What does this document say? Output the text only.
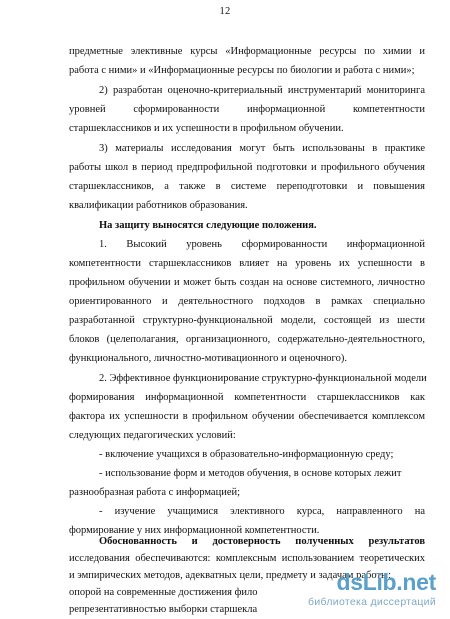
12
предметные элективные курсы «Информационные ресурсы по химии и
работа с ними» и «Информационные ресурсы по биологии и работа с ними»;
2) разработан оценочно-критериальный инструментарий мониторинга
уровней сформированности информационной компетентности
старшеклассников и их успешности в профильном обучении.
3) материалы исследования могут быть использованы в практике
работы школ в период предпрофильной подготовки и профильного обучения
старшеклассников, а также в системе переподготовки и повышения
квалификации работников образования.
На защиту выносятся следующие положения.
1. Высокий уровень сформированности информационной
компетентности старшеклассников влияет на уровень их успешности в
профильном обучении и может быть создан на основе системного, личностно
ориентированного и деятельностного подходов в рамках специально
разработанной структурно-функциональной модели, состоящей из шести
блоков (целеполагания, организационного, содержательно-деятельностного,
функционального, личностно-мотивационного и оценочного).
2. Эффективное функционирование структурно-функциональной модели
формирования информационной компетентности старшеклассников как
фактора их успешности в профильном обучении обеспечивается комплексом
следующих педагогических условий:
- включение учащихся в образовательно-информационную среду;
- использование форм и методов обучения, в основе которых лежит
разнообразная работа с информацией;
- изучение учащимися элективного курса, направленного на
формирование у них информационной компетентности.
Обоснованность и достоверность полученных результатов
исследования обеспечиваются: комплексным использованием теоретических
и эмпирических методов, адекватных цели, предмету и задачам работы;
опорой на современные достижения фило
репрезентативностью выборки старшекла
dsLib.net
библиотека диссертаций
